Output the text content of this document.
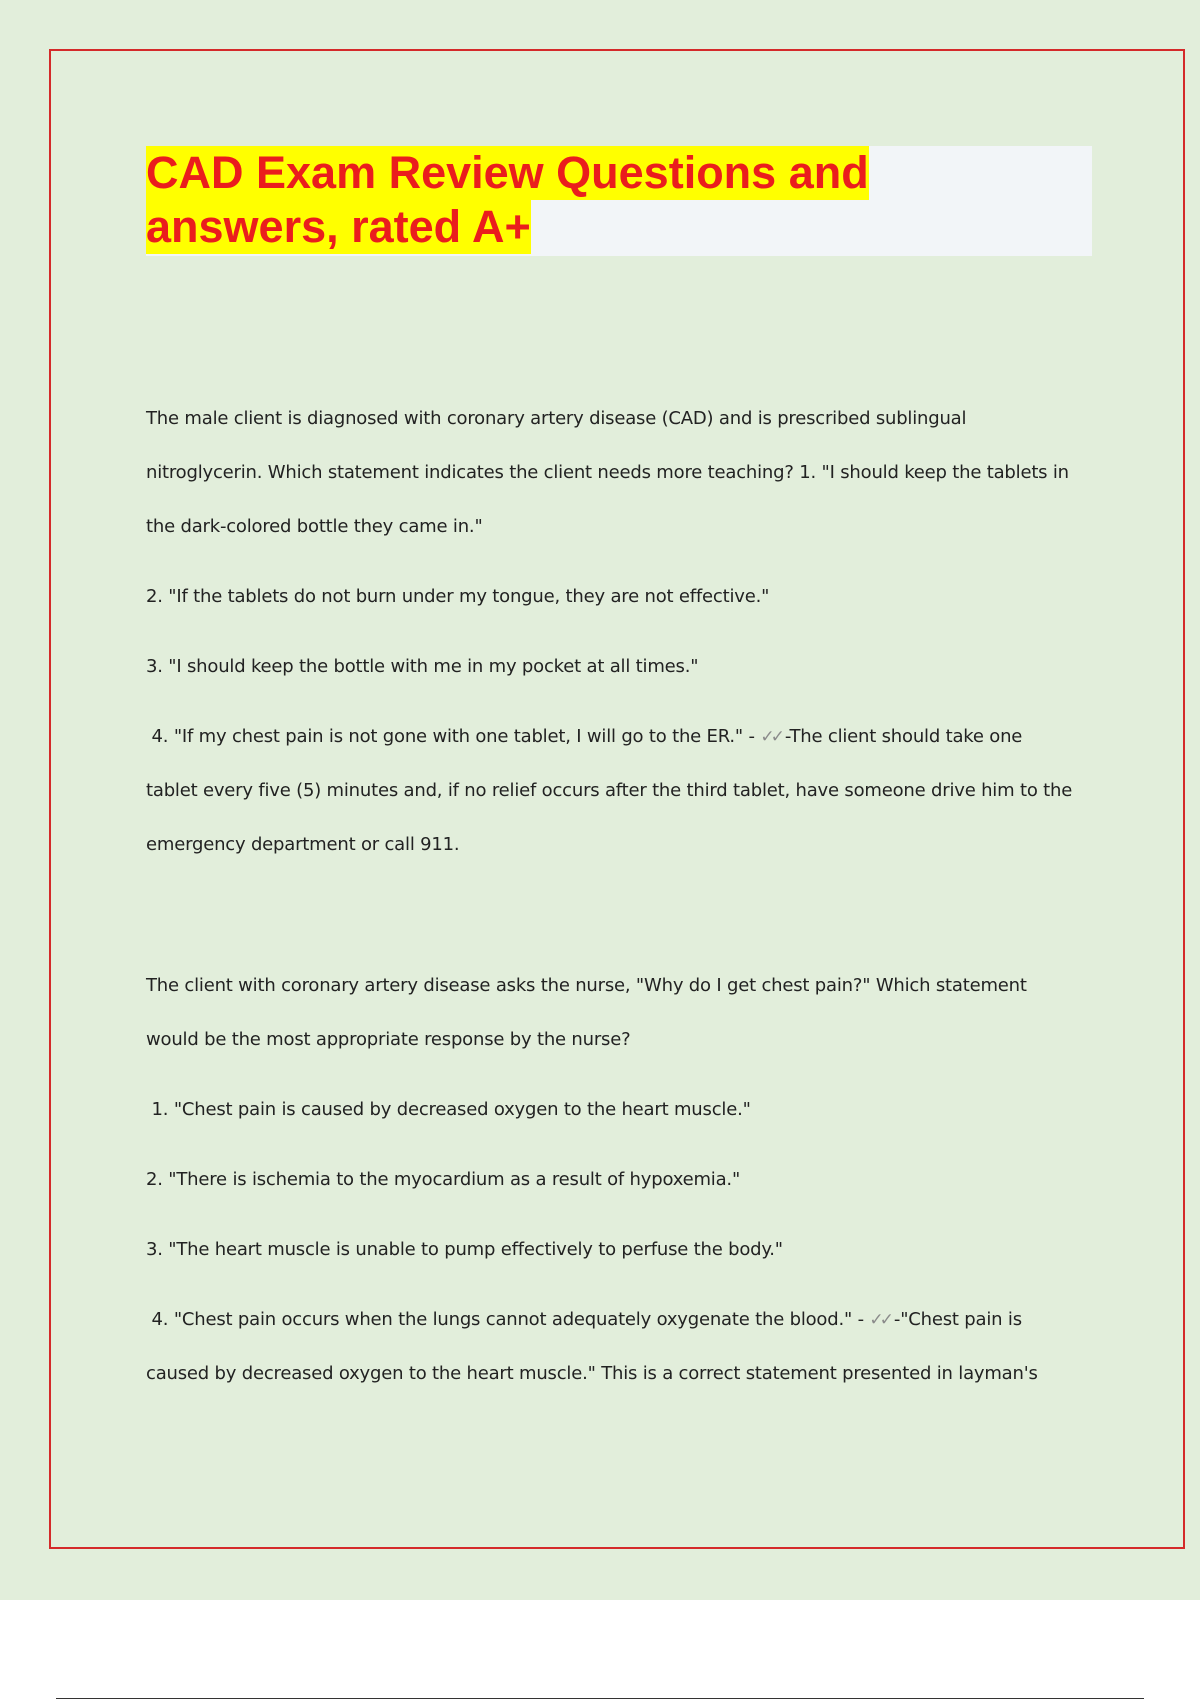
CAD Exam Review Questions and
answers, rated A+

The male client is diagnosed with coronary artery disease (CAD) and is prescribed sublingual
nitroglycerin. Which statement indicates the client needs more teaching? 1. "I should keep the tablets in
the dark-colored bottle they came in."

2. "If the tablets do not burn under my tongue, they are not effective."

3. "I should keep the bottle with me in my pocket at all times."

4. "If my chest pain is not gone with one tablet, I will go to the ER." - ✓✓ -The client should take one
tablet every five (5) minutes and, if no relief occurs after the third tablet, have someone drive him to the
emergency department or call 911.

The client with coronary artery disease asks the nurse, "Why do I get chest pain?" Which statement
would be the most appropriate response by the nurse?

1. "Chest pain is caused by decreased oxygen to the heart muscle."

2. "There is ischemia to the myocardium as a result of hypoxemia."

3. "The heart muscle is unable to pump effectively to perfuse the body."

4. "Chest pain occurs when the lungs cannot adequately oxygenate the blood." - ✓✓ -"Chest pain is
caused by decreased oxygen to the heart muscle." This is a correct statement presented in layman's
